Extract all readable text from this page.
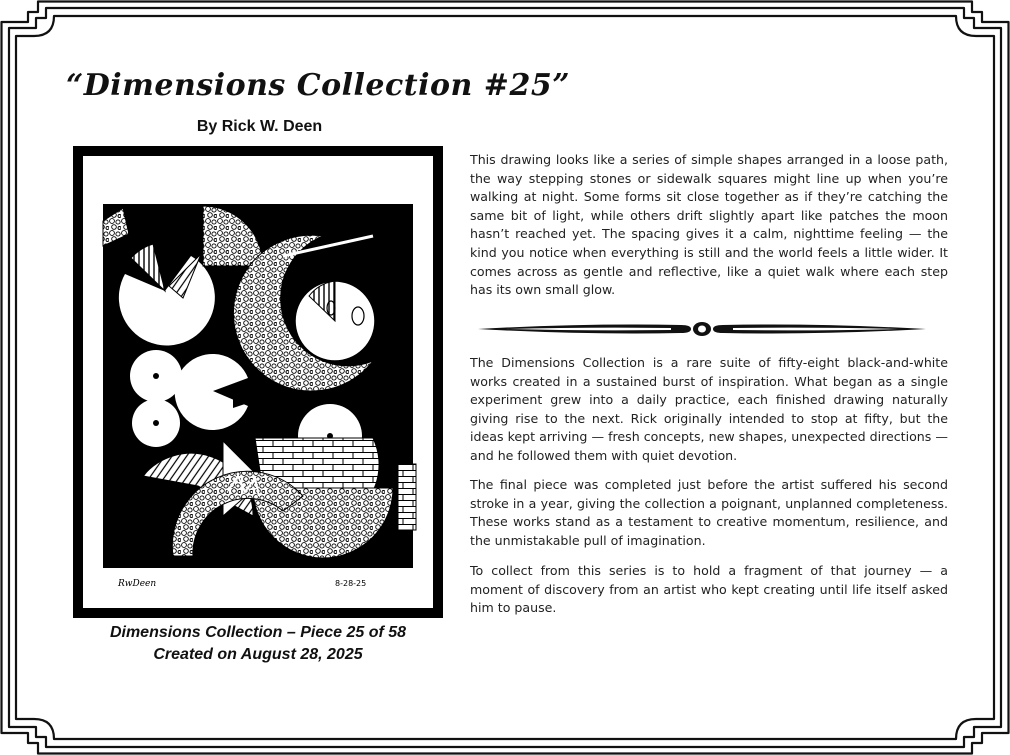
“Dimensions Collection #25”
By Rick W. Deen
RwDeen	8-28-25
Dimensions Collection – Piece 25 of 58
Created on August 28, 2025

This drawing looks like a series of simple shapes arranged in a loose path, the way stepping stones or sidewalk squares might line up when you’re walking at night. Some forms sit close together as if they’re catching the same bit of light, while others drift slightly apart like patches the moon hasn’t reached yet. The spacing gives it a calm, nighttime feeling — the kind you notice when everything is still and the world feels a little wider. It comes across as gentle and reflective, like a quiet walk where each step has its own small glow.

The Dimensions Collection is a rare suite of fifty-eight black-and-white works created in a sustained burst of inspiration. What began as a single experiment grew into a daily practice, each finished drawing naturally giving rise to the next. Rick originally intended to stop at fifty, but the ideas kept arriving — fresh concepts, new shapes, unexpected directions — and he followed them with quiet devotion.

The final piece was completed just before the artist suffered his second stroke in a year, giving the collection a poignant, unplanned completeness. These works stand as a testament to creative momentum, resilience, and the unmistakable pull of imagination.

To collect from this series is to hold a fragment of that journey — a moment of discovery from an artist who kept creating until life itself asked him to pause.
